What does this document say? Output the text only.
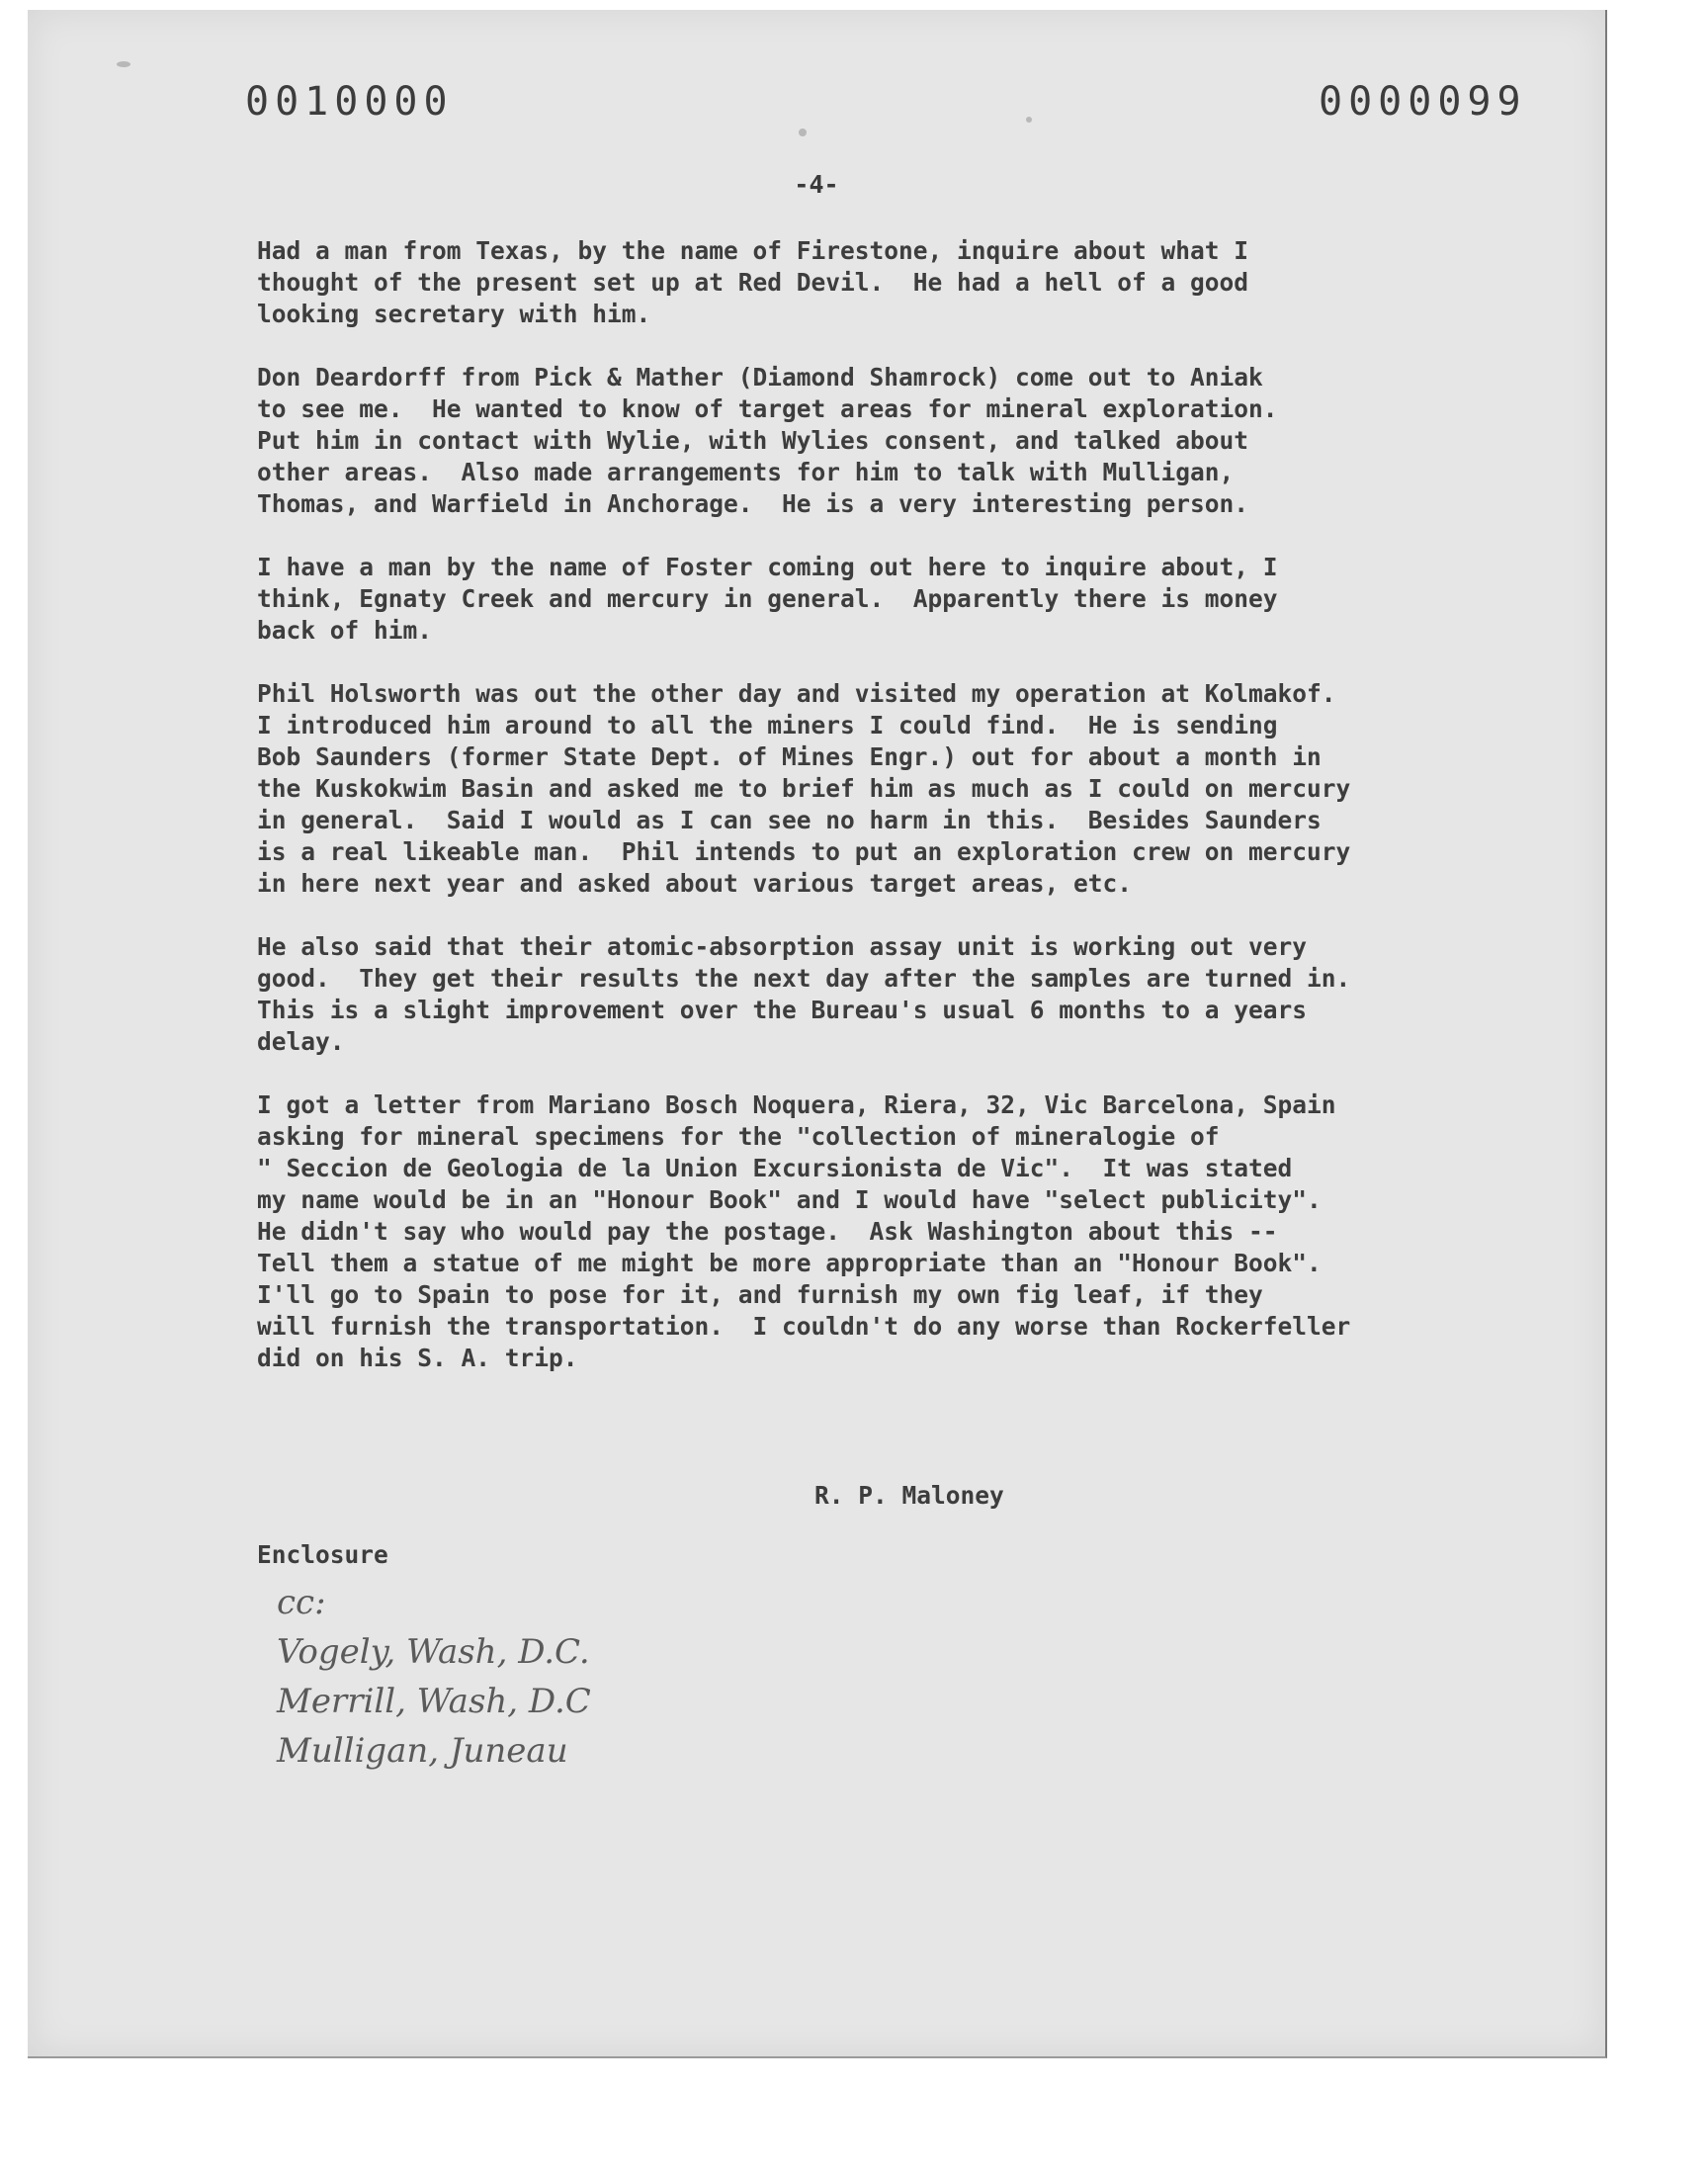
0010000	0000099
-4-
Had a man from Texas, by the name of Firestone, inquire about what I
thought of the present set up at Red Devil.  He had a hell of a good
looking secretary with him.
Don Deardorff from Pick & Mather (Diamond Shamrock) come out to Aniak
to see me.  He wanted to know of target areas for mineral exploration.
Put him in contact with Wylie, with Wylies consent, and talked about
other areas.  Also made arrangements for him to talk with Mulligan,
Thomas, and Warfield in Anchorage.  He is a very interesting person.
I have a man by the name of Foster coming out here to inquire about, I
think, Egnaty Creek and mercury in general.  Apparently there is money
back of him.
Phil Holsworth was out the other day and visited my operation at Kolmakof.
I introduced him around to all the miners I could find.  He is sending
Bob Saunders (former State Dept. of Mines Engr.) out for about a month in
the Kuskokwim Basin and asked me to brief him as much as I could on mercury
in general.  Said I would as I can see no harm in this.  Besides Saunders
is a real likeable man.  Phil intends to put an exploration crew on mercury
in here next year and asked about various target areas, etc.
He also said that their atomic-absorption assay unit is working out very
good.  They get their results the next day after the samples are turned in.
This is a slight improvement over the Bureau's usual 6 months to a years
delay.
I got a letter from Mariano Bosch Noquera, Riera, 32, Vic Barcelona, Spain
asking for mineral specimens for the "collection of mineralogie of
" Seccion de Geologia de la Union Excursionista de Vic".  It was stated
my name would be in an "Honour Book" and I would have "select publicity".
He didn't say who would pay the postage.  Ask Washington about this --
Tell them a statue of me might be more appropriate than an "Honour Book".
I'll go to Spain to pose for it, and furnish my own fig leaf, if they
will furnish the transportation.  I couldn't do any worse than Rockerfeller
did on his S. A. trip.
R. P. Maloney
Enclosure
cc:
Vogely, Wash, D.C.
Merrill, Wash, D.C
Mulligan, Juneau
